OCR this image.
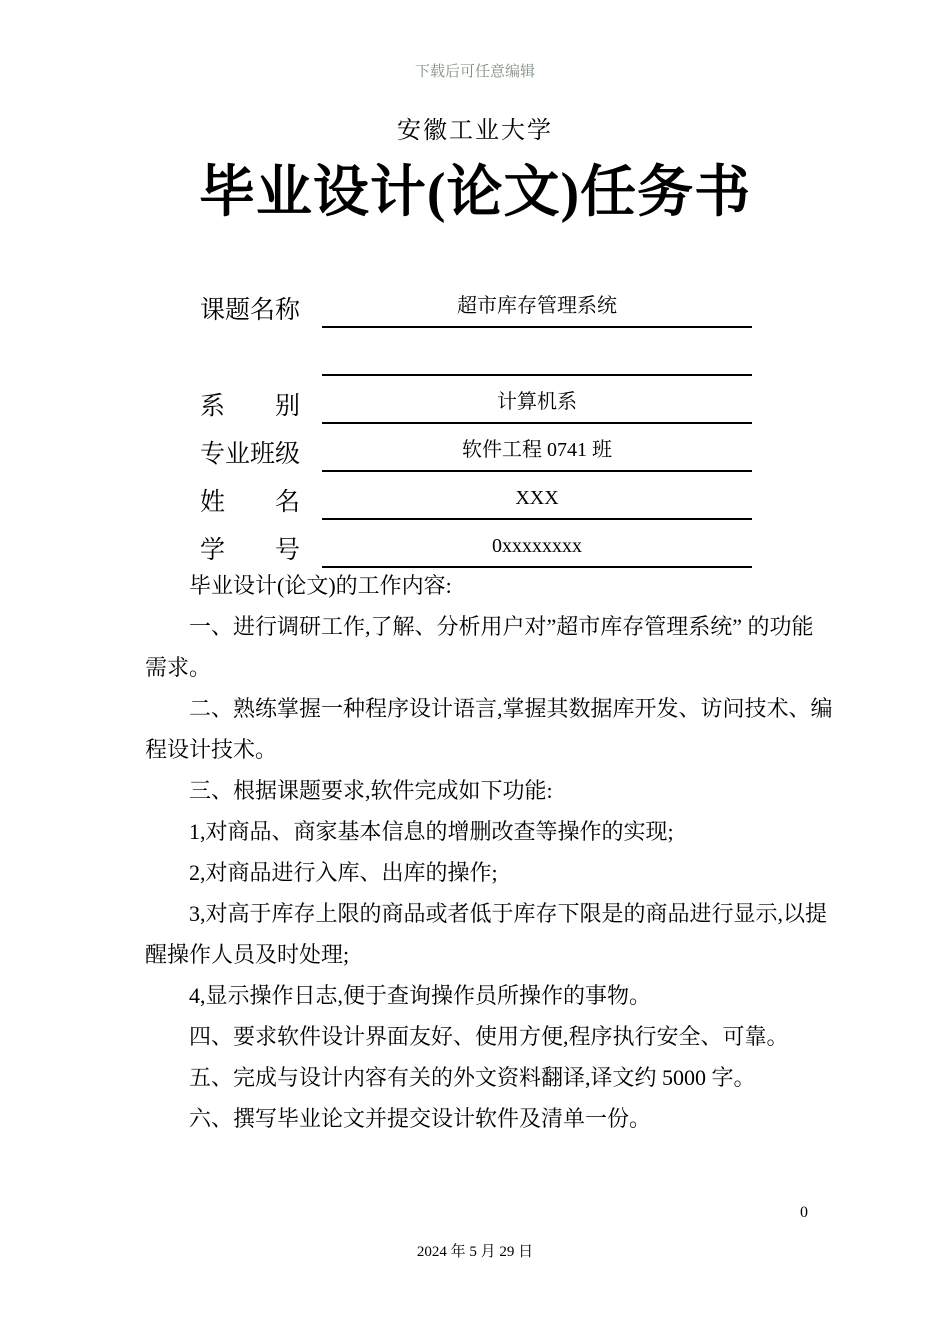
下载后可任意编辑
安徽工业大学
毕业设计(论文)任务书
课题名称	超市库存管理系统
系　　别	计算机系
专业班级	软件工程 0741 班
姓　　名	XXX
学　　号	0xxxxxxxx

毕业设计(论文)的工作内容:

一、进行调研工作,了解、分析用户对”超市库存管理系统” 的功能需求。

二、熟练掌握一种程序设计语言,掌握其数据库开发、访问技术、编程设计技术。

三、根据课题要求,软件完成如下功能:

1,对商品、商家基本信息的增删改查等操作的实现;

2,对商品进行入库、出库的操作;

3,对高于库存上限的商品或者低于库存下限是的商品进行显示,以提醒操作人员及时处理;

4,显示操作日志,便于查询操作员所操作的事物。

四、要求软件设计界面友好、使用方便,程序执行安全、可靠。

五、完成与设计内容有关的外文资料翻译,译文约 5000 字。

六、撰写毕业论文并提交设计软件及清单一份。

0
2024 年 5 月 29 日
